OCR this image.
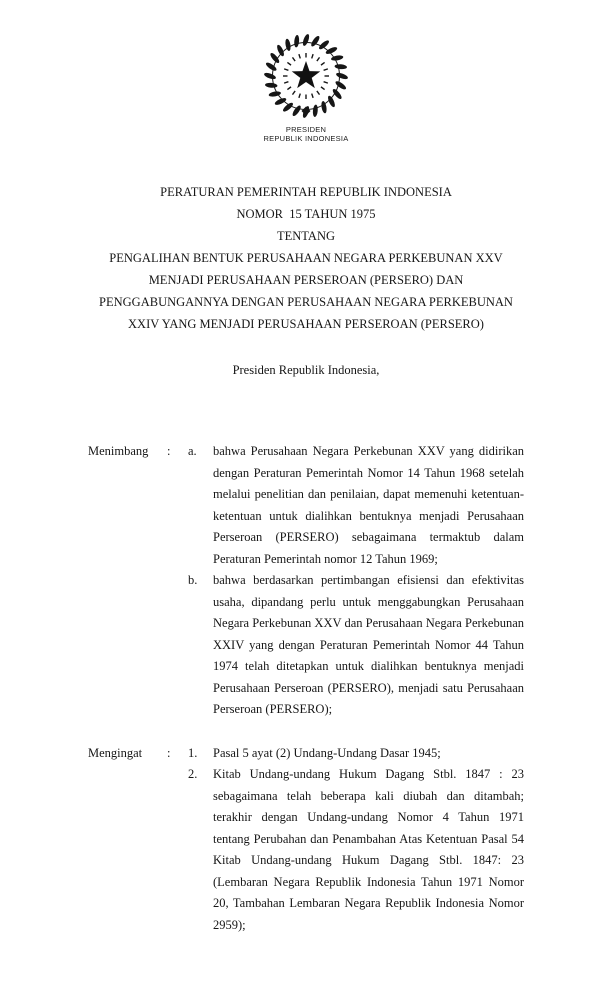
PRESIDEN
REPUBLIK INDONESIA
PERATURAN PEMERINTAH REPUBLIK INDONESIA
NOMOR  15 TAHUN 1975
TENTANG
PENGALIHAN BENTUK PERUSAHAAN NEGARA PERKEBUNAN XXV MENJADI PERUSAHAAN PERSEROAN (PERSERO) DAN PENGGABUNGANNYA DENGAN PERUSAHAAN NEGARA PERKEBUNAN XXIV YANG MENJADI PERUSAHAAN PERSEROAN (PERSERO)
Presiden Republik Indonesia,
Menimbang	:	a.	bahwa Perusahaan Negara Perkebunan XXV yang didirikan dengan Peraturan Pemerintah Nomor 14 Tahun 1968 setelah melalui penelitian dan penilaian, dapat memenuhi ketentuan-ketentuan untuk dialihkan bentuknya menjadi Perusahaan Perseroan (PERSERO) sebagaimana termaktub dalam Peraturan Pemerintah nomor 12 Tahun 1969;
b.	bahwa berdasarkan pertimbangan efisiensi dan efektivitas usaha, dipandang perlu untuk menggabungkan Perusahaan Negara Perkebunan XXV dan Perusahaan Negara Perkebunan XXIV yang dengan Peraturan Pemerintah Nomor 44 Tahun 1974 telah ditetapkan untuk dialihkan bentuknya menjadi Perusahaan Perseroan (PERSERO), menjadi satu Perusahaan Perseroan (PERSERO);
Mengingat	:	1.	Pasal 5 ayat (2) Undang-Undang Dasar 1945;
2.	Kitab Undang-undang Hukum Dagang Stbl. 1847 : 23 sebagaimana telah beberapa kali diubah dan ditambah; terakhir dengan Undang-undang Nomor 4 Tahun 1971 tentang Perubahan dan Penambahan Atas Ketentuan Pasal 54 Kitab Undang-undang Hukum Dagang Stbl. 1847: 23 (Lembaran Negara Republik Indonesia Tahun 1971 Nomor 20, Tambahan Lembaran Negara Republik Indonesia Nomor 2959);
